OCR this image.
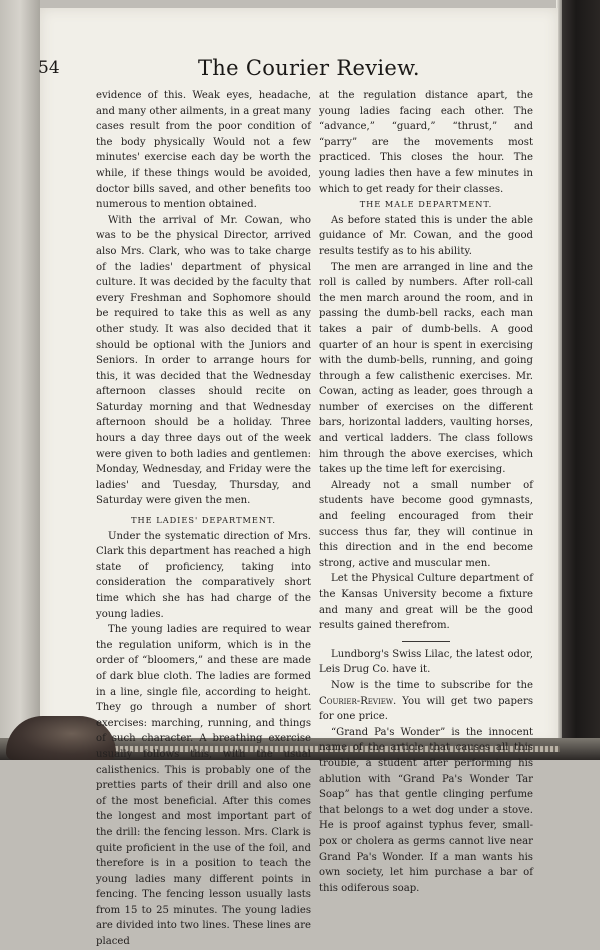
54	The Courier Review.

evidence of this. Weak eyes, headache, and many other ailments, in a great many cases result from the poor condition of the body physically Would not a few minutes' exercise each day be worth the while, if these things would be avoided, doctor bills saved, and other benefits too numerous to mention obtained.

With the arrival of Mr. Cowan, who was to be the physical Director, arrived also Mrs. Clark, who was to take charge of the ladies' department of physical culture. It was decided by the faculty that every Freshman and Sophomore should be required to take this as well as any other study. It was also decided that it should be optional with the Juniors and Seniors. In order to arrange hours for this, it was decided that the Wednesday afternoon classes should recite on Saturday morning and that Wednesday afternoon should be a holiday. Three hours a day three days out of the week were given to both ladies and gentlemen: Monday, Wednesday, and Friday were the ladies' and Tuesday, Thursday, and Saturday were given the men.

THE LADIES' DEPARTMENT.

Under the systematic direction of Mrs. Clark this department has reached a high state of proficiency, taking into consideration the comparatively short time which she has had charge of the young ladies.

The young ladies are required to wear the regulation uniform, which is in the order of “bloomers,” and these are made of dark blue cloth. The ladies are formed in a line, single file, according to height. They go through a number of short exercises: marching, running, and things of such character. A breathing exercise usually follows this, with the usual calisthenics. This is probably one of the pretties parts of their drill and also one of the most beneficial. After this comes the longest and most important part of the drill: the fencing lesson. Mrs. Clark is quite proficient in the use of the foil, and therefore is in a position to teach the young ladies many different points in fencing. The fencing lesson usually lasts from 15 to 25 minutes. The young ladies are divided into two lines. These lines are placed

at the regulation distance apart, the young ladies facing each other. The “advance,” “guard,” “thrust,” and “parry” are the movements most practiced. This closes the hour. The young ladies then have a few minutes in which to get ready for their classes.

THE MALE DEPARTMENT.

As before stated this is under the able guidance of Mr. Cowan, and the good results testify as to his ability.

The men are arranged in line and the roll is called by numbers. After roll-call the men march around the room, and in passing the dumb-bell racks, each man takes a pair of dumb-bells. A good quarter of an hour is spent in exercising with the dumb-bells, running, and going through a few calisthenic exercises. Mr. Cowan, acting as leader, goes through a number of exercises on the different bars, horizontal ladders, vaulting horses, and vertical ladders. The class follows him through the above exercises, which takes up the time left for exercising.

Already not a small number of students have become good gymnasts, and feeling encouraged from their success thus far, they will continue in this direction and in the end become strong, active and muscular men.

Let the Physical Culture department of the Kansas University become a fixture and many and great will be the good results gained therefrom.

Lundborg's Swiss Lilac, the latest odor, Leis Drug Co. have it.

Now is the time to subscribe for the Courier-Review. You will get two papers for one price.

“Grand Pa's Wonder” is the innocent name of the article that causes all this trouble, a student after performing his ablution with “Grand Pa's Wonder Tar Soap” has that gentle clinging perfume that belongs to a wet dog under a stove. He is proof against typhus fever, small-pox or cholera as germs cannot live near Grand Pa's Wonder. If a man wants his own society, let him purchase a bar of this odiferous soap.
